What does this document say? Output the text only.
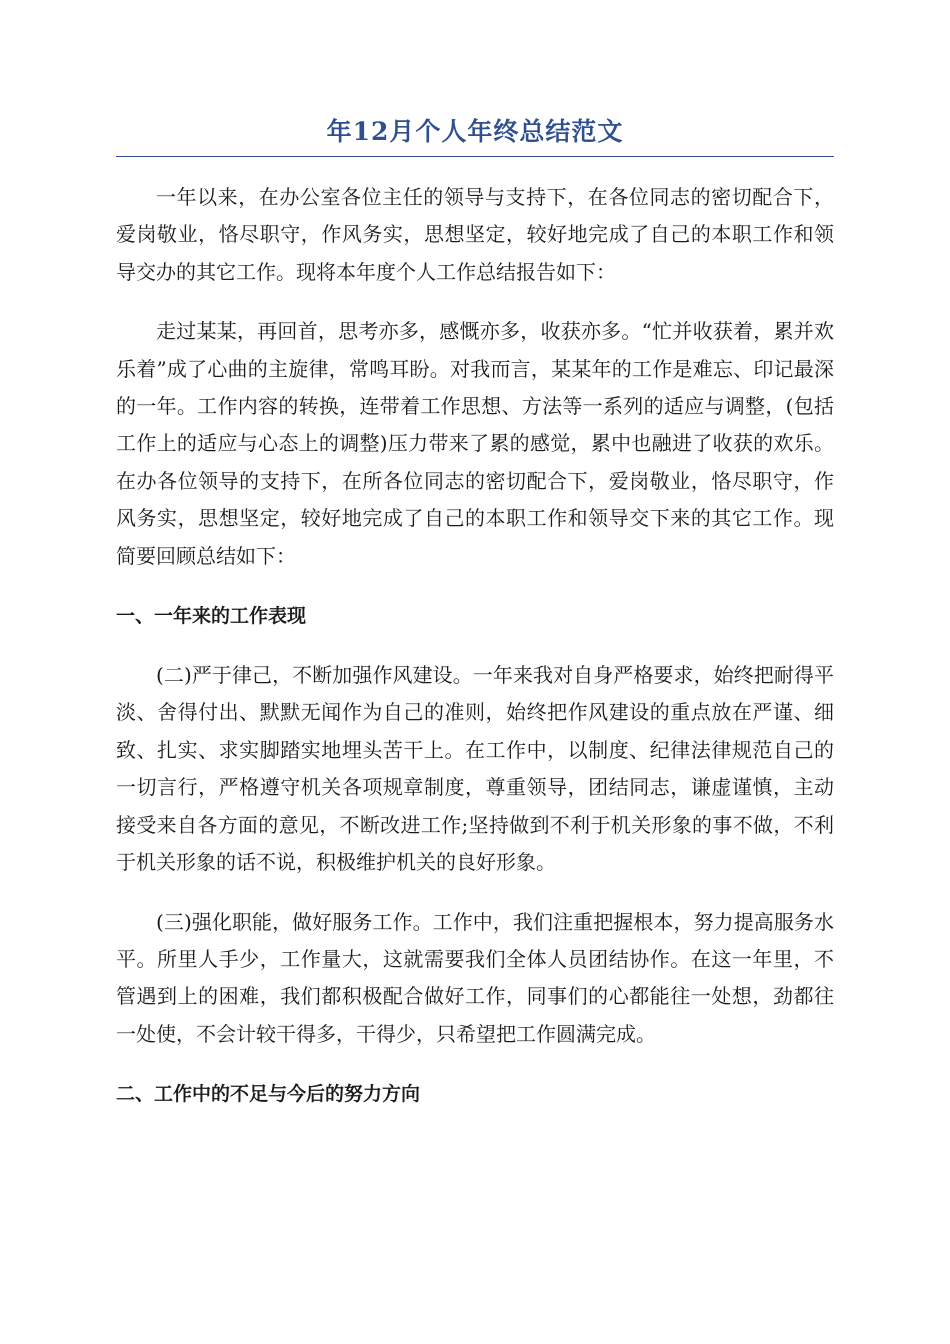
年12月个人年终总结范文

一年以来，在办公室各位主任的领导与支持下，在各位同志的密切配合下，爱岗敬业，恪尽职守，作风务实，思想坚定，较好地完成了自己的本职工作和领导交办的其它工作。现将本年度个人工作总结报告如下：

走过某某，再回首，思考亦多，感慨亦多，收获亦多。“忙并收获着，累并欢乐着”成了心曲的主旋律，常鸣耳盼。对我而言，某某年的工作是难忘、印记最深的一年。工作内容的转换，连带着工作思想、方法等一系列的适应与调整，(包括工作上的适应与心态上的调整)压力带来了累的感觉，累中也融进了收获的欢乐。在办各位领导的支持下，在所各位同志的密切配合下，爱岗敬业，恪尽职守，作风务实，思想坚定，较好地完成了自己的本职工作和领导交下来的其它工作。现简要回顾总结如下：

一、一年来的工作表现

(二)严于律己，不断加强作风建设。一年来我对自身严格要求，始终把耐得平淡、舍得付出、默默无闻作为自己的准则，始终把作风建设的重点放在严谨、细致、扎实、求实脚踏实地埋头苦干上。在工作中，以制度、纪律法律规范自己的一切言行，严格遵守机关各项规章制度，尊重领导，团结同志，谦虚谨慎，主动接受来自各方面的意见，不断改进工作;坚持做到不利于机关形象的事不做，不利于机关形象的话不说，积极维护机关的良好形象。

(三)强化职能，做好服务工作。工作中，我们注重把握根本，努力提高服务水平。所里人手少，工作量大，这就需要我们全体人员团结协作。在这一年里，不管遇到上的困难，我们都积极配合做好工作，同事们的心都能往一处想，劲都往一处使，不会计较干得多，干得少，只希望把工作圆满完成。

二、工作中的不足与今后的努力方向
